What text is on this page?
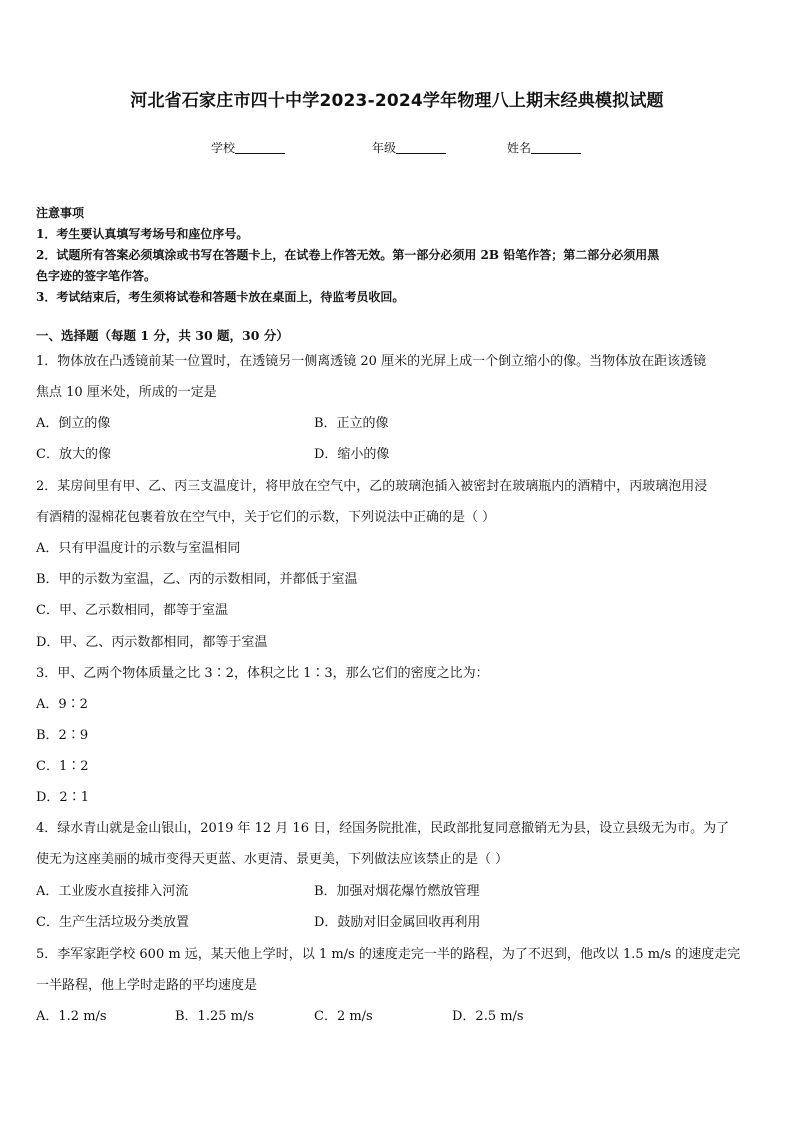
河北省石家庄市四十中学2023-2024学年物理八上期末经典模拟试题
学校	年级	姓名

注意事项

1．考生要认真填写考场号和座位序号。

2．试题所有答案必须填涂或书写在答题卡上，在试卷上作答无效。第一部分必须用 2B 铅笔作答；第二部分必须用黑

色字迹的签字笔作答。

3．考试结束后，考生须将试卷和答题卡放在桌面上，待监考员收回。

一、选择题（每题 1 分，共 30 题，30 分）
1．物体放在凸透镜前某一位置时，在透镜另一侧离透镜 20 厘米的光屏上成一个倒立缩小的像。当物体放在距该透镜
焦点 10 厘米处，所成的一定是
A．倒立的像	B．正立的像
C．放大的像	D．缩小的像
2．某房间里有甲、乙、丙三支温度计，将甲放在空气中，乙的玻璃泡插入被密封在玻璃瓶内的酒精中，丙玻璃泡用浸
有酒精的湿棉花包裹着放在空气中，关于它们的示数，下列说法中正确的是（ ）
A．只有甲温度计的示数与室温相同
B．甲的示数为室温，乙、丙的示数相同，并都低于室温
C．甲、乙示数相同，都等于室温
D．甲、乙、丙示数都相同，都等于室温
3．甲、乙两个物体质量之比 3∶2，体积之比 1∶3，那么它们的密度之比为：
A．9∶2
B．2∶9
C．1∶2
D．2∶1
4．绿水青山就是金山银山，2019 年 12 月 16 日，经国务院批准，民政部批复同意撤销无为县，设立县级无为市。为了
使无为这座美丽的城市变得天更蓝、水更清、景更美，下列做法应该禁止的是（ ）
A．工业废水直接排入河流	B．加强对烟花爆竹燃放管理
C．生产生活垃圾分类放置	D．鼓励对旧金属回收再利用
5．李军家距学校 600 m 远，某天他上学时，以 1 m/s 的速度走完一半的路程，为了不迟到，他改以 1.5 m/s 的速度走完
一半路程，他上学时走路的平均速度是
A．1.2 m/s	B．1.25 m/s	C．2 m/s	D．2.5 m/s
